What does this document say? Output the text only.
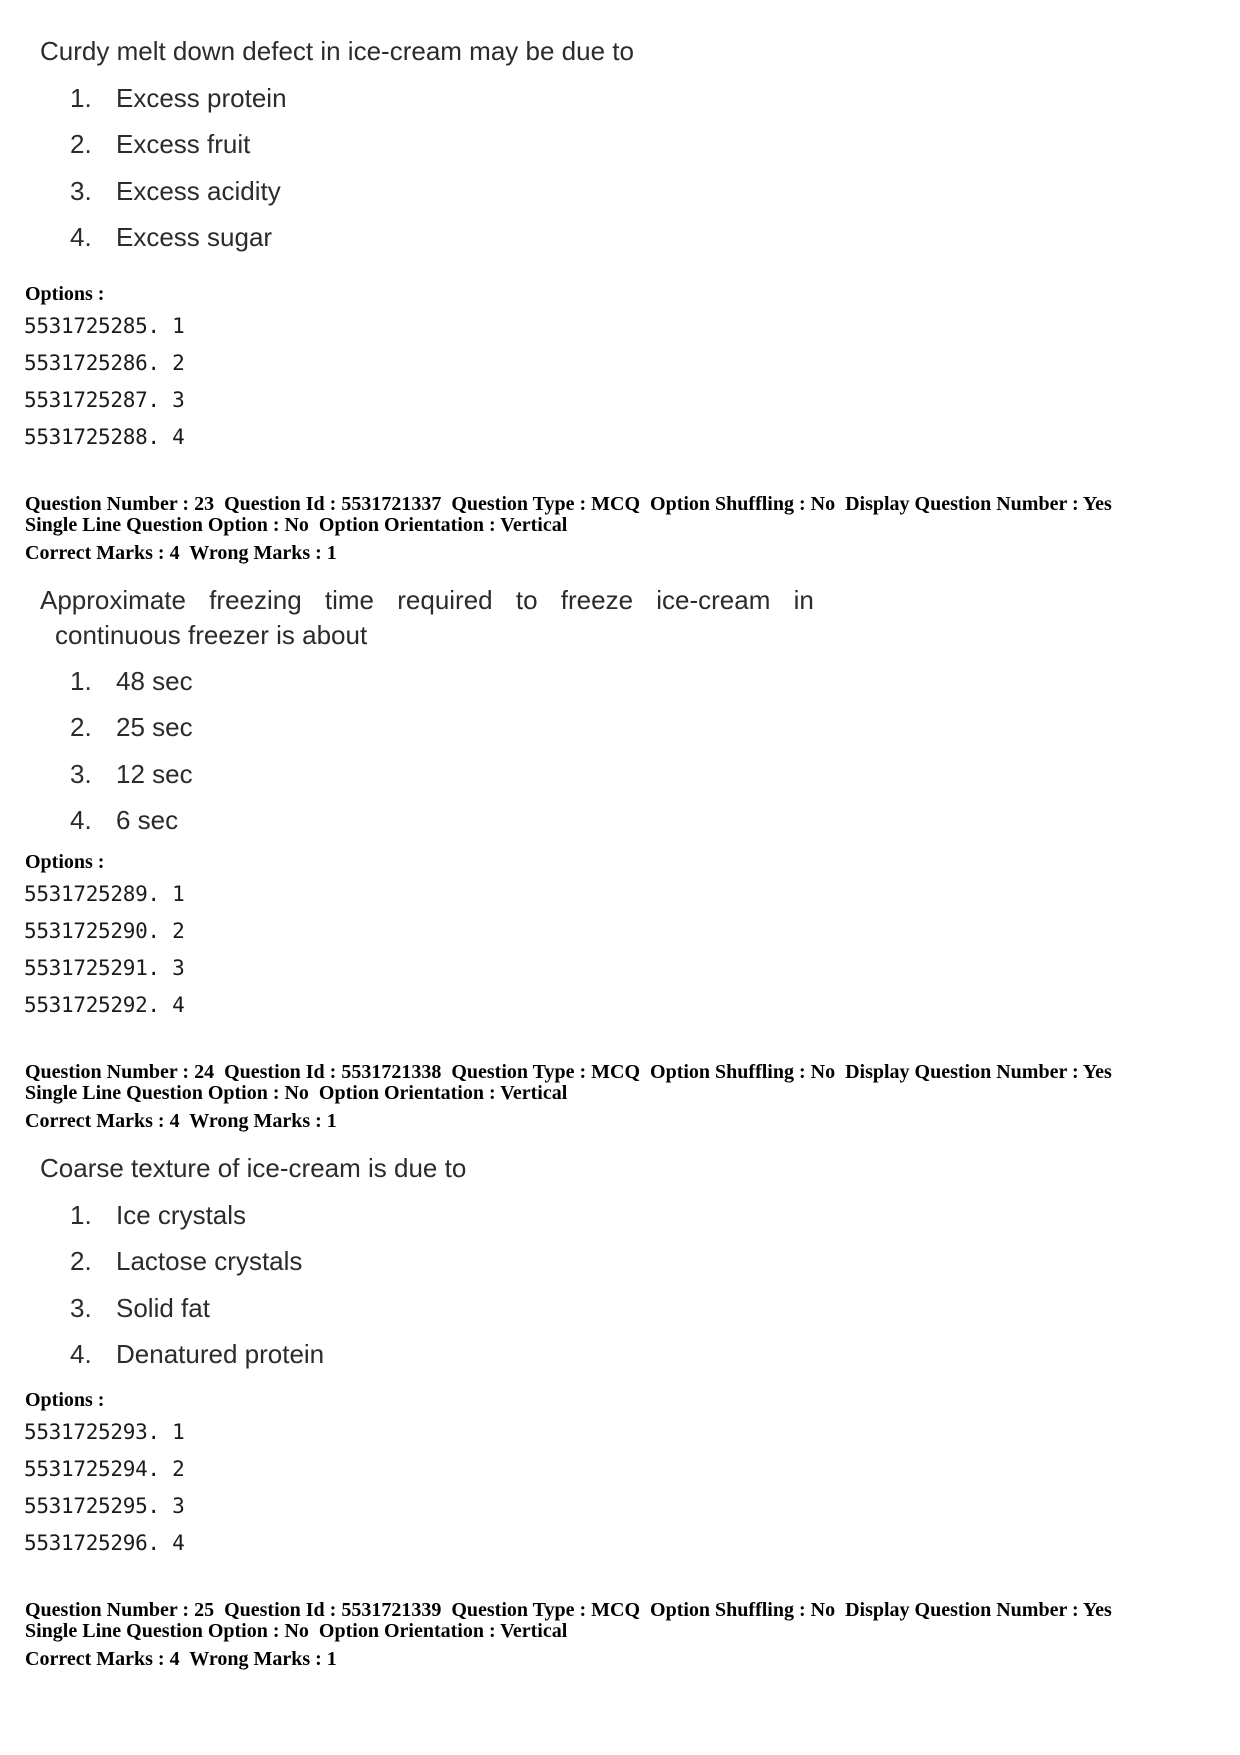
Curdy melt down defect in ice-cream may be due to
1. Excess protein
2. Excess fruit
3. Excess acidity
4. Excess sugar
Options :
5531725285. 1
5531725286. 2
5531725287. 3
5531725288. 4
Question Number : 23  Question Id : 5531721337  Question Type : MCQ  Option Shuffling : No  Display Question Number : Yes
Single Line Question Option : No  Option Orientation : Vertical
Correct Marks : 4  Wrong Marks : 1
Approximate freezing time required to freeze ice-cream in
continuous freezer is about
1. 48 sec
2. 25 sec
3. 12 sec
4. 6 sec
Options :
5531725289. 1
5531725290. 2
5531725291. 3
5531725292. 4
Question Number : 24  Question Id : 5531721338  Question Type : MCQ  Option Shuffling : No  Display Question Number : Yes
Single Line Question Option : No  Option Orientation : Vertical
Correct Marks : 4  Wrong Marks : 1
Coarse texture of ice-cream is due to
1. Ice crystals
2. Lactose crystals
3. Solid fat
4. Denatured protein
Options :
5531725293. 1
5531725294. 2
5531725295. 3
5531725296. 4
Question Number : 25  Question Id : 5531721339  Question Type : MCQ  Option Shuffling : No  Display Question Number : Yes
Single Line Question Option : No  Option Orientation : Vertical
Correct Marks : 4  Wrong Marks : 1
